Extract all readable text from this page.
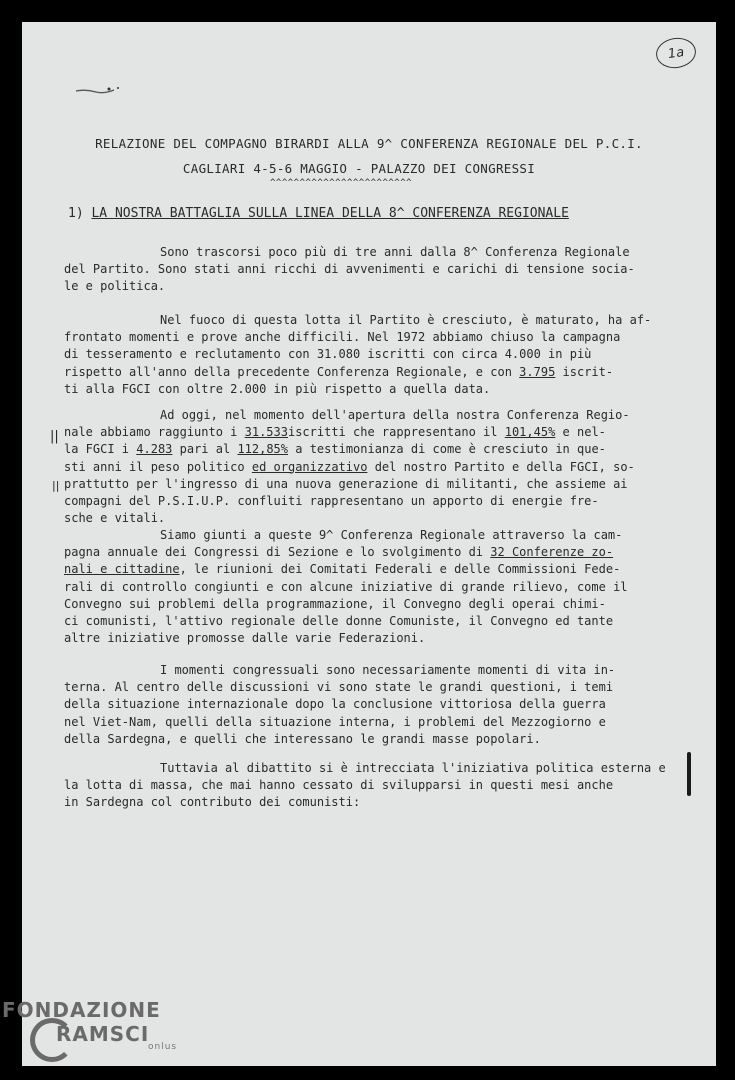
1a
RELAZIONE DEL COMPAGNO BIRARDI ALLA 9^ CONFERENZA REGIONALE DEL P.C.I.
CAGLIARI 4-5-6 MAGGIO - PALAZZO DEI CONGRESSI
^^^^^^^^^^^^^^^^^^^^^^^^
1) LA NOSTRA BATTAGLIA SULLA LINEA DELLA 8^ CONFERENZA REGIONALE
Sono trascorsi poco più di tre anni dalla 8^ Conferenza Regionale
del Partito. Sono stati anni ricchi di avvenimenti e carichi di tensione socia-
le e politica.
Nel fuoco di questa lotta il Partito è cresciuto, è maturato, ha af-
frontato momenti e prove anche difficili. Nel 1972 abbiamo chiuso la campagna
di tesseramento e reclutamento con 31.080 iscritti con circa 4.000 in più
rispetto all'anno della precedente Conferenza Regionale, e con 3.795 iscrit-
ti alla FGCI con oltre 2.000 in più rispetto a quella data.
Ad oggi, nel momento dell'apertura della nostra Conferenza Regio-
nale abbiamo raggiunto i 31.533iscritti che rappresentano il 101,45% e nel-
la FGCI i 4.283 pari al 112,85% a testimonianza di come è cresciuto in que-
sti anni il peso politico ed organizzativo del nostro Partito e della FGCI, so-
prattutto per l'ingresso di una nuova generazione di militanti, che assieme ai
compagni del P.S.I.U.P. confluiti rappresentano un apporto di energie fre-
sche e vitali.
||
||
Siamo giunti a queste 9^ Conferenza Regionale attraverso la cam-
pagna annuale dei Congressi di Sezione e lo svolgimento di 32 Conferenze zo-
nali e cittadine, le riunioni dei Comitati Federali e delle Commissioni Fede-
rali di controllo congiunti e con alcune iniziative di grande rilievo, come il
Convegno sui problemi della programmazione, il Convegno degli operai chimi-
ci comunisti, l'attivo regionale delle donne Comuniste, il Convegno ed tante
altre iniziative promosse dalle varie Federazioni.
I momenti congressuali sono necessariamente momenti di vita in-
terna. Al centro delle discussioni vi sono state le grandi questioni, i temi
della situazione internazionale dopo la conclusione vittoriosa della guerra
nel Viet-Nam, quelli della situazione interna, i problemi del Mezzogiorno e
della Sardegna, e quelli che interessano le grandi masse popolari.
Tuttavia al dibattito si è intrecciata l'iniziativa politica esterna e
la lotta di massa, che mai hanno cessato di svilupparsi in questi mesi anche
in Sardegna col contributo dei comunisti:
FONDAZIONE
RAMSCI
onlus
